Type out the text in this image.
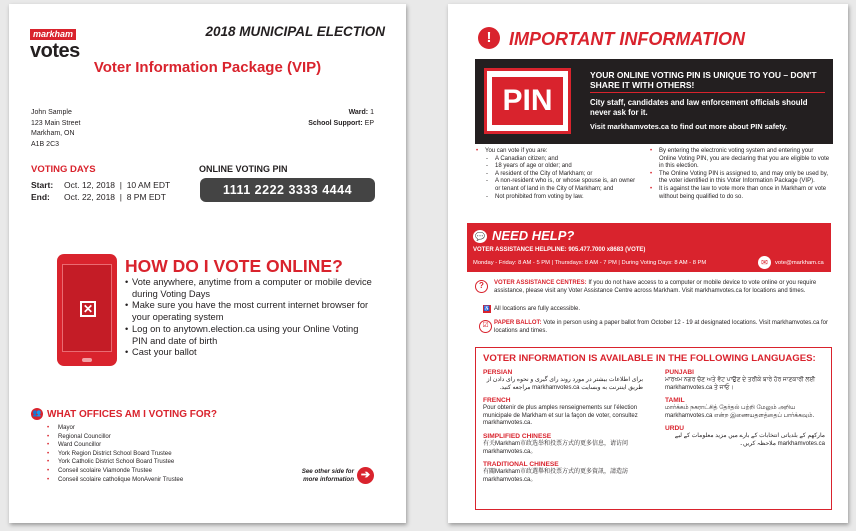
markham
votes
2018 MUNICIPAL ELECTION
Voter Information Package (VIP)
John Sample
123 Main Street
Markham, ON
A1B 2C3
Ward: 1
School Support: EP
VOTING DAYS
Start: Oct. 12, 2018  |  10 AM EDT
End: Oct. 22, 2018  |  8 PM EDT
ONLINE VOTING PIN
1111 2222 3333 4444
✕
HOW DO I VOTE ONLINE?
• Vote anywhere, anytime from a computer or mobile device during Voting Days
• Make sure you have the most current internet browser for your operating system
• Log on to anytown.election.ca using your Online Voting PIN and date of birth
• Cast your ballot
👥 WHAT OFFICES AM I VOTING FOR?
• Mayor
• Regional Councillor
• Ward Councillor
• York Region District School Board Trustee
• York Catholic District School Board Trustee
• Conseil scolaire Viamonde Trustee
• Conseil scolaire catholique MonAvenir Trustee
See other side for
more information ➔
! IMPORTANT INFORMATION
PIN
YOUR ONLINE VOTING PIN IS UNIQUE TO YOU – DON'T SHARE IT WITH OTHERS!
City staff, candidates and law enforcement officials should never ask for it.
Visit markhamvotes.ca to find out more about PIN safety.
• You can vote if you are:
- A Canadian citizen; and
- 18 years of age or older; and
- A resident of the City of Markham; or
- A non-resident who is, or whose spouse is, an owner or tenant of land in the City of Markham; and
- Not prohibited from voting by law.
• By entering the electronic voting system and entering your Online Voting PIN, you are declaring that you are eligible to vote in this election.
• The Online Voting PIN is assigned to, and may only be used by, the voter identified in this Voter Information Package (VIP).
• It is against the law to vote more than once in Markham or vote without being qualified to do so.
💬 NEED HELP?
VOTER ASSISTANCE HELPLINE: 905.477.7000 x8683 (VOTE)
Monday - Friday: 8 AM - 5 PM | Thursdays: 8 AM - 7 PM | During Voting Days: 8 AM - 8 PM	✉	vote@markham.ca
?	VOTER ASSISTANCE CENTRES: If you do not have access to a computer or mobile device to vote online or you require assistance, please visit any Voter Assistance Centre across Markham. Visit markhamvotes.ca for locations and times.
♿ All locations are fully accessible.
☑ PAPER BALLOT: Vote in person using a paper ballot from October 12 - 19 at designated locations. Visit markhamvotes.ca for locations and times.
VOTER INFORMATION IS AVAILABLE IN THE FOLLOWING LANGUAGES:
PERSIAN
برای اطلاعات بیشتر در مورد روند رای گیری و نحوه رای دادن از طریق اینترنت به وبسایت markhamvotes.ca مراجعه کنید.
FRENCH
Pour obtenir de plus amples renseignements sur l’élection municipale de Markham et sur la façon de voter, consultez markhamvotes.ca.
SIMPLIFIED CHINESE
有关Markham市政选举和投票方式的更多信息，请访问markhamvotes.ca。
TRADITIONAL CHINESE
有關Markham市政選舉和投票方式的更多資訊，請造訪markhamvotes.ca。
PUNJABI
ਮਾਰਖਮ ਨਗਰ ਚੋਣ ਅਤੇ ਵੋਟ ਪਾਉਣ ਦੇ ਤਰੀਕੇ ਬਾਰੇ ਹੋਰ ਜਾਣਕਾਰੀ ਲਈ markhamvotes.ca ਤੇ ਜਾਓ।
TAMIL
மார்க்கம் நகராட்சித் தேர்தல் பற்றி மேலும் அறிய markhamvotes.ca என்ற இணையதளத்தைப் பார்க்கவும்.
URDU
مارکھم کے بلدیاتی انتخابات کے بارے میں مزید معلومات کے لیے markhamvotes.ca ملاحظہ کریں۔
